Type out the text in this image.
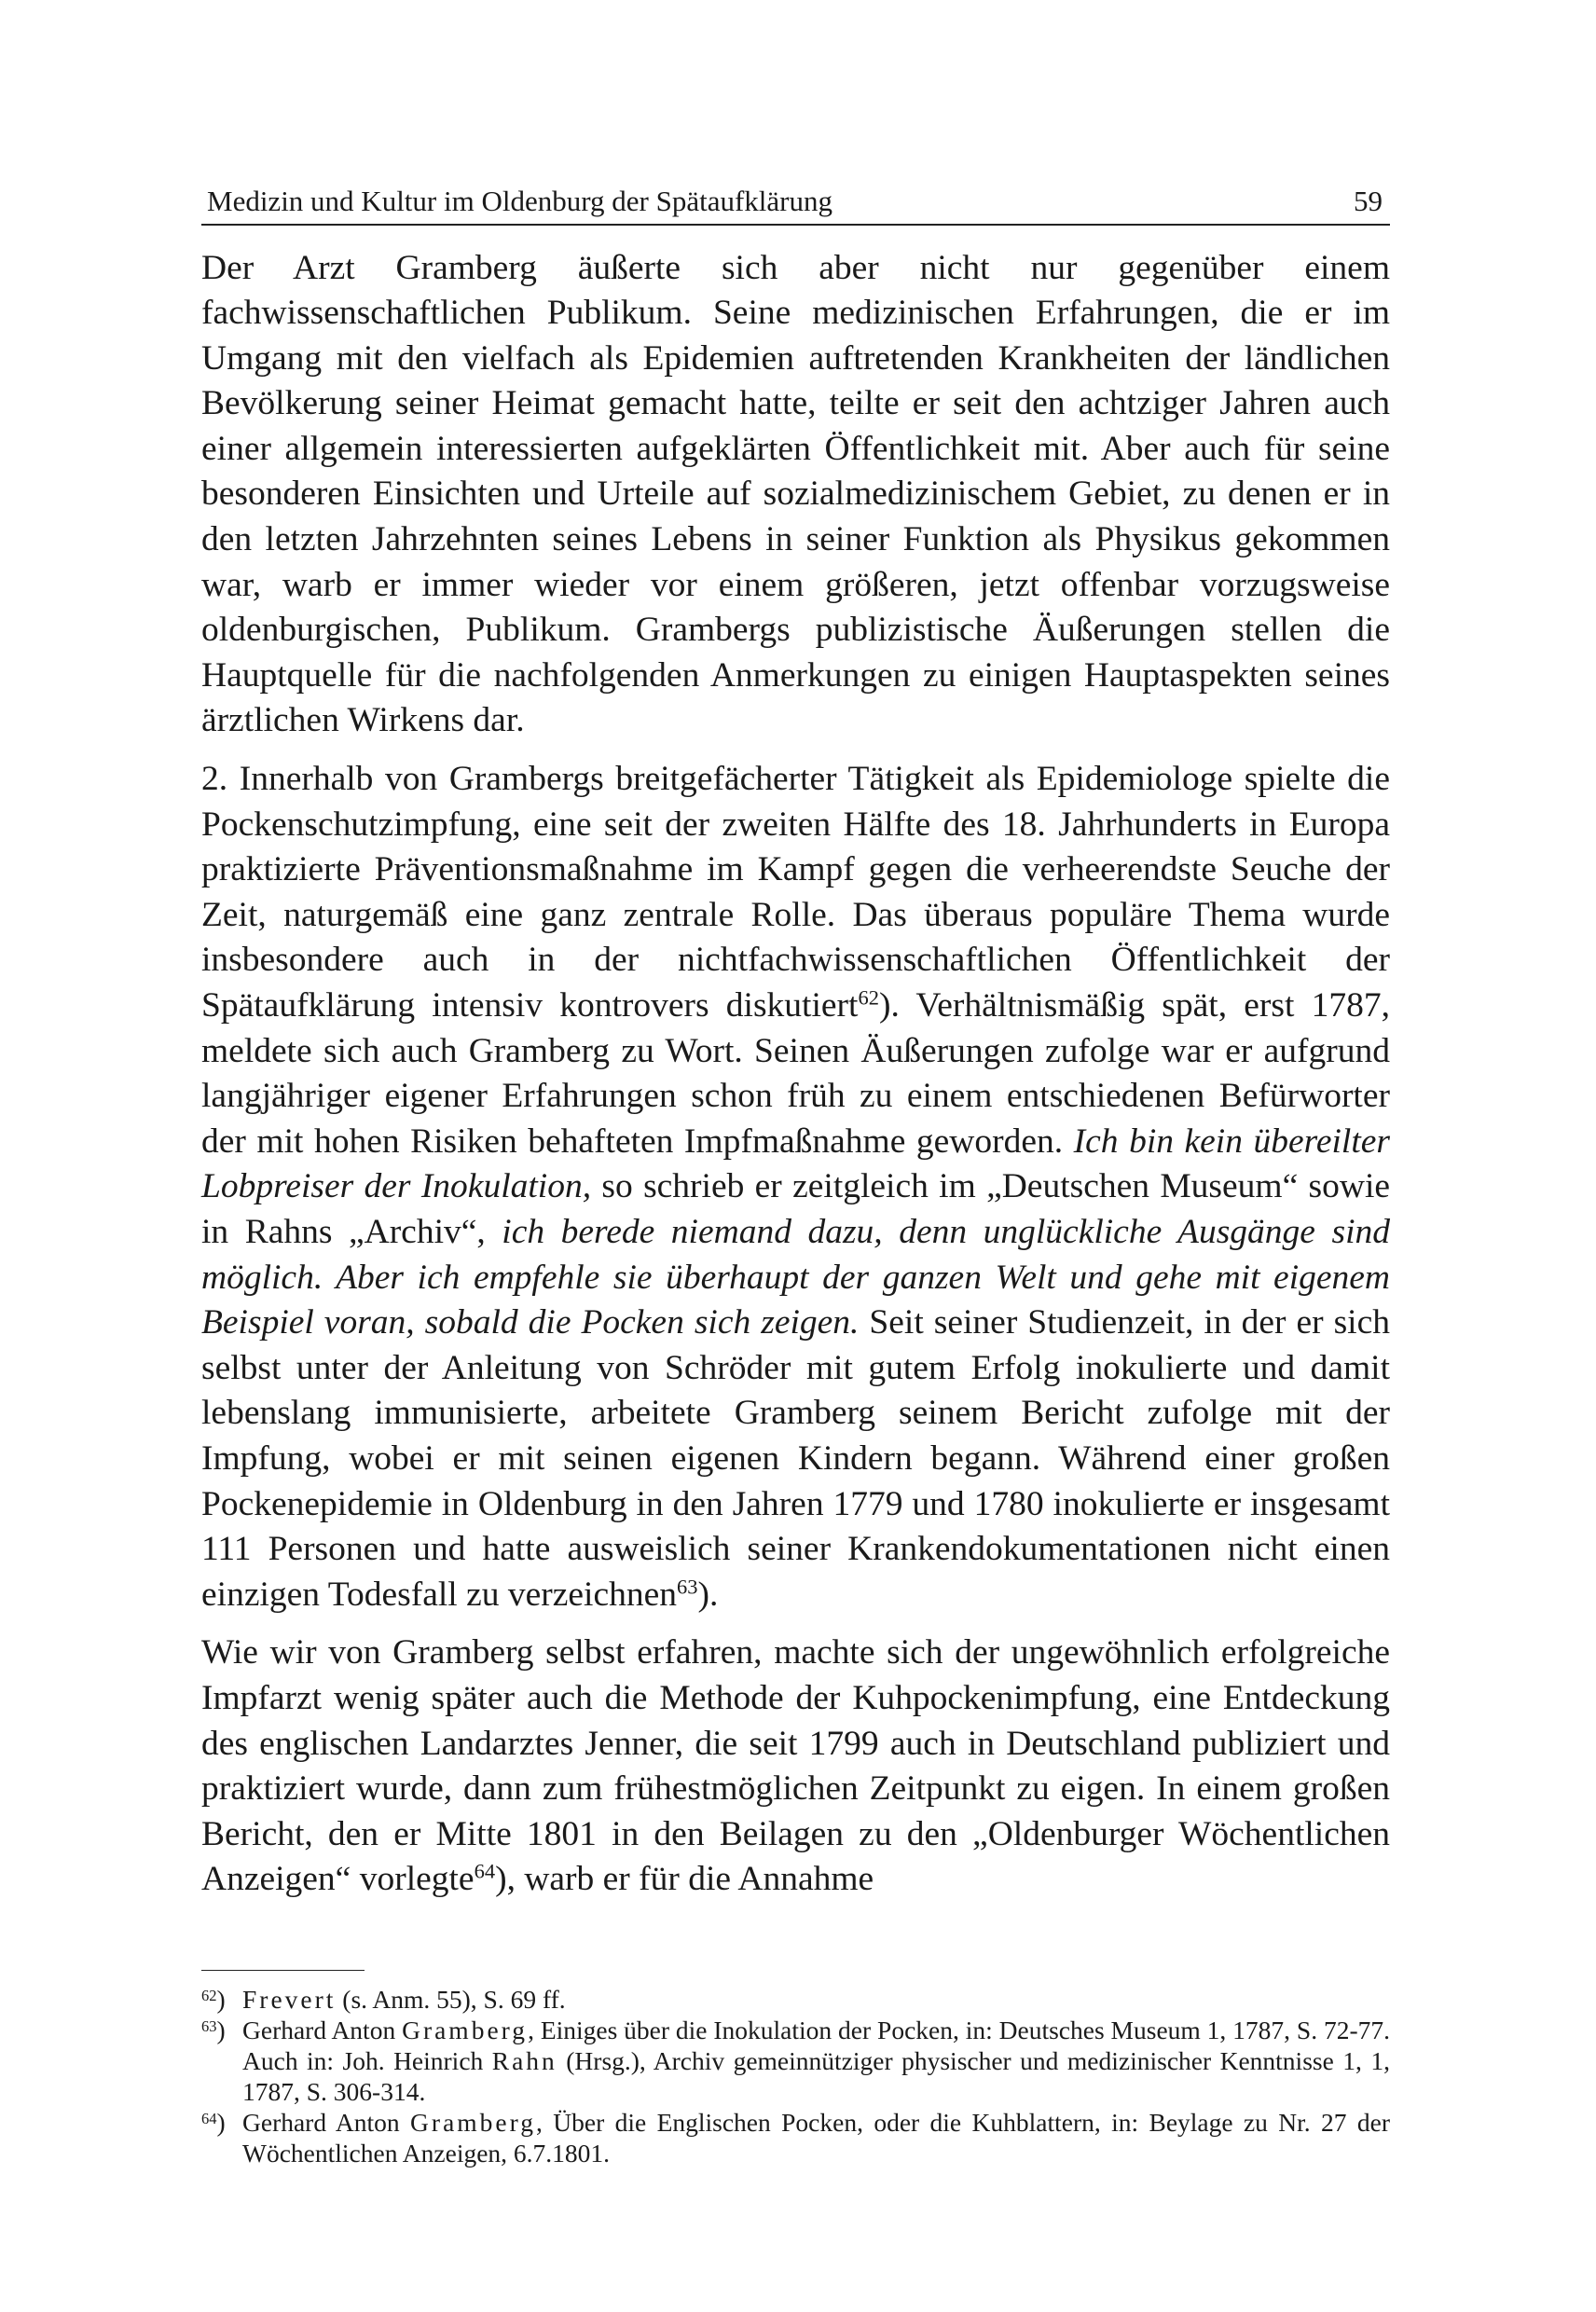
Medizin und Kultur im Oldenburg der Spätaufklärung	59

Der Arzt Gramberg äußerte sich aber nicht nur gegenüber einem fachwissenschaftlichen Publikum. Seine medizinischen Erfahrungen, die er im Umgang mit den vielfach als Epidemien auftretenden Krankheiten der ländlichen Bevölkerung seiner Heimat gemacht hatte, teilte er seit den achtziger Jahren auch einer allgemein interessierten aufgeklärten Öffentlichkeit mit. Aber auch für seine besonderen Einsichten und Urteile auf sozialmedizinischem Gebiet, zu denen er in den letzten Jahrzehnten seines Lebens in seiner Funktion als Physikus gekommen war, warb er immer wieder vor einem größeren, jetzt offenbar vorzugsweise oldenburgischen, Publikum. Grambergs publizistische Äußerungen stellen die Hauptquelle für die nachfolgenden Anmerkungen zu einigen Hauptaspekten seines ärztlichen Wirkens dar.

2. Innerhalb von Grambergs breitgefächerter Tätigkeit als Epidemiologe spielte die Pockenschutzimpfung, eine seit der zweiten Hälfte des 18. Jahrhunderts in Europa praktizierte Präventionsmaßnahme im Kampf gegen die verheerendste Seuche der Zeit, naturgemäß eine ganz zentrale Rolle. Das überaus populäre Thema wurde insbesondere auch in der nichtfachwissenschaftlichen Öffentlichkeit der Spätaufklärung intensiv kontrovers diskutiert$^{62}$). Verhältnismäßig spät, erst 1787, meldete sich auch Gramberg zu Wort. Seinen Äußerungen zufolge war er aufgrund langjähriger eigener Erfahrungen schon früh zu einem entschiedenen Befürworter der mit hohen Risiken behafteten Impfmaßnahme geworden. Ich bin kein übereilter Lobpreiser der Inokulation, so schrieb er zeitgleich im „Deutschen Museum“ sowie in Rahns „Archiv“, ich berede niemand dazu, denn unglückliche Ausgänge sind möglich. Aber ich empfehle sie überhaupt der ganzen Welt und gehe mit eigenem Beispiel voran, sobald die Pocken sich zeigen. Seit seiner Studienzeit, in der er sich selbst unter der Anleitung von Schröder mit gutem Erfolg inokulierte und damit lebenslang immunisierte, arbeitete Gramberg seinem Bericht zufolge mit der Impfung, wobei er mit seinen eigenen Kindern begann. Während einer großen Pockenepidemie in Oldenburg in den Jahren 1779 und 1780 inokulierte er insgesamt 111 Personen und hatte ausweislich seiner Krankendokumentationen nicht einen einzigen Todesfall zu verzeichnen$^{63}$).

Wie wir von Gramberg selbst erfahren, machte sich der ungewöhnlich erfolgreiche Impfarzt wenig später auch die Methode der Kuhpockenimpfung, eine Entdeckung des englischen Landarztes Jenner, die seit 1799 auch in Deutschland publiziert und praktiziert wurde, dann zum frühestmöglichen Zeitpunkt zu eigen. In einem großen Bericht, den er Mitte 1801 in den Beilagen zu den „Oldenburger Wöchentlichen Anzeigen“ vorlegte$^{64}$), warb er für die Annahme

$^{62}$) Frevert (s. Anm. 55), S. 69 ff.
$^{63}$) Gerhard Anton Gramberg, Einiges über die Inokulation der Pocken, in: Deutsches Museum 1, 1787, S. 72-77. Auch in: Joh. Heinrich Rahn (Hrsg.), Archiv gemeinnütziger physischer und medizinischer Kenntnisse 1, 1, 1787, S. 306-314.
$^{64}$) Gerhard Anton Gramberg, Über die Englischen Pocken, oder die Kuhblattern, in: Beylage zu Nr. 27 der Wöchentlichen Anzeigen, 6.7.1801.
